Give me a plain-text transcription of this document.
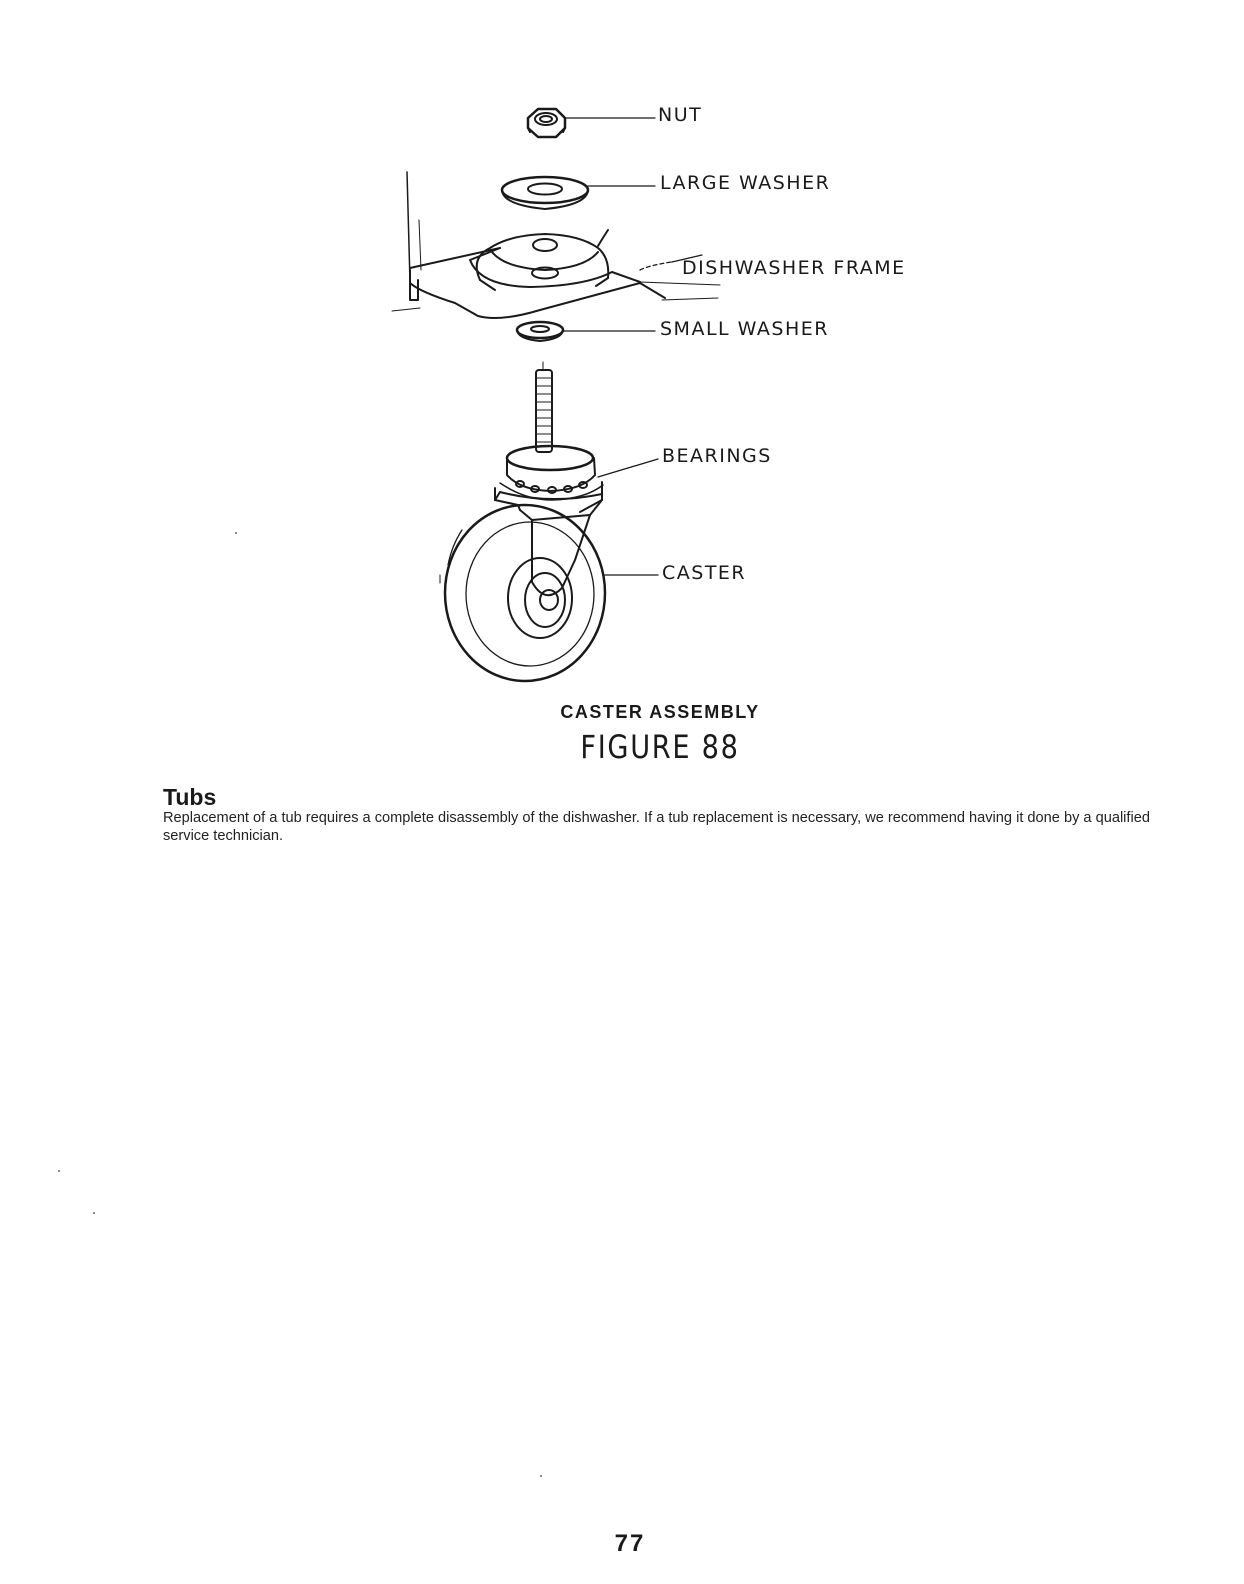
NUT
LARGE WASHER
DISHWASHER FRAME
SMALL WASHER
BEARINGS
CASTER
CASTER ASSEMBLY
FIGURE 88
Tubs
Replacement of a tub requires a complete disassembly of the dishwasher. If a tub replacement is necessary, we recommend having it done by a qualified service technician.
77
